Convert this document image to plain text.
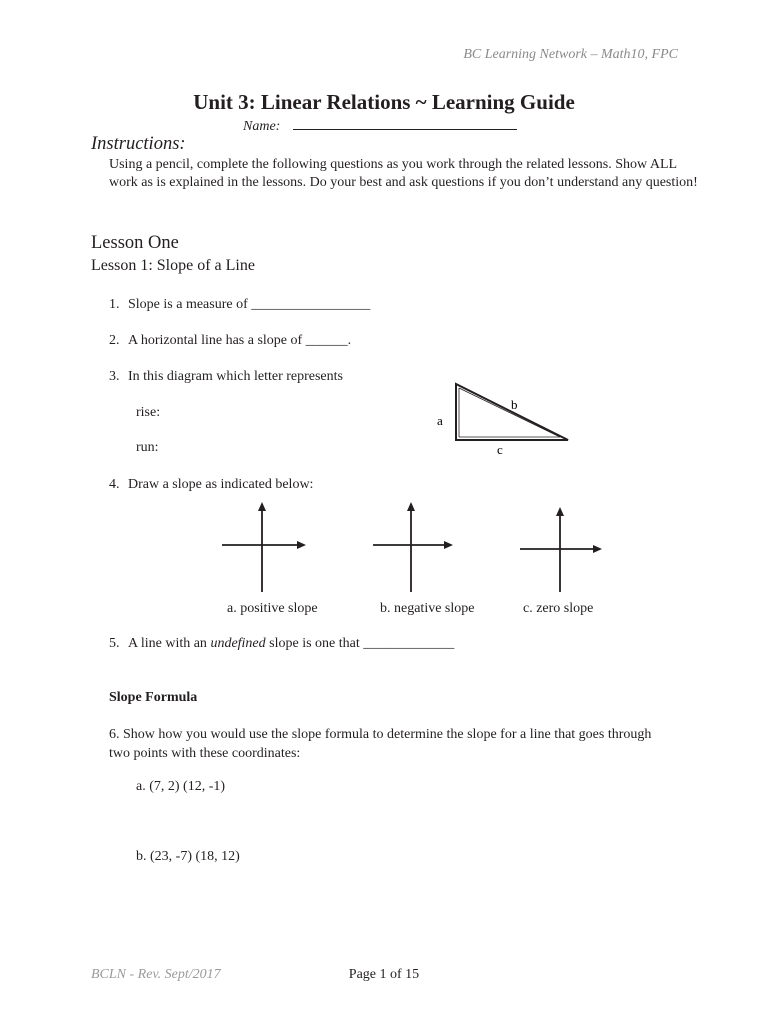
BC Learning Network – Math10, FPC
Unit 3: Linear Relations ~ Learning Guide
Name:
Instructions:
Using a pencil, complete the following questions as you work through the related lessons. Show ALL work as is explained in the lessons. Do your best and ask questions if you don’t understand any question!
Lesson One
Lesson 1: Slope of a Line
1. Slope is a measure of _________________
2. A horizontal line has a slope of ______.
3. In this diagram which letter represents
rise:
run:
a
b
c
4. Draw a slope as indicated below:
a. positive slope	b. negative slope	c. zero slope
5. A line with an undefined slope is one that _____________
Slope Formula
6. Show how you would use the slope formula to determine the slope for a line that goes through two points with these coordinates:
a. (7, 2) (12, -1)
b. (23, -7) (18, 12)
BCLN - Rev. Sept/2017	Page 1 of 15
